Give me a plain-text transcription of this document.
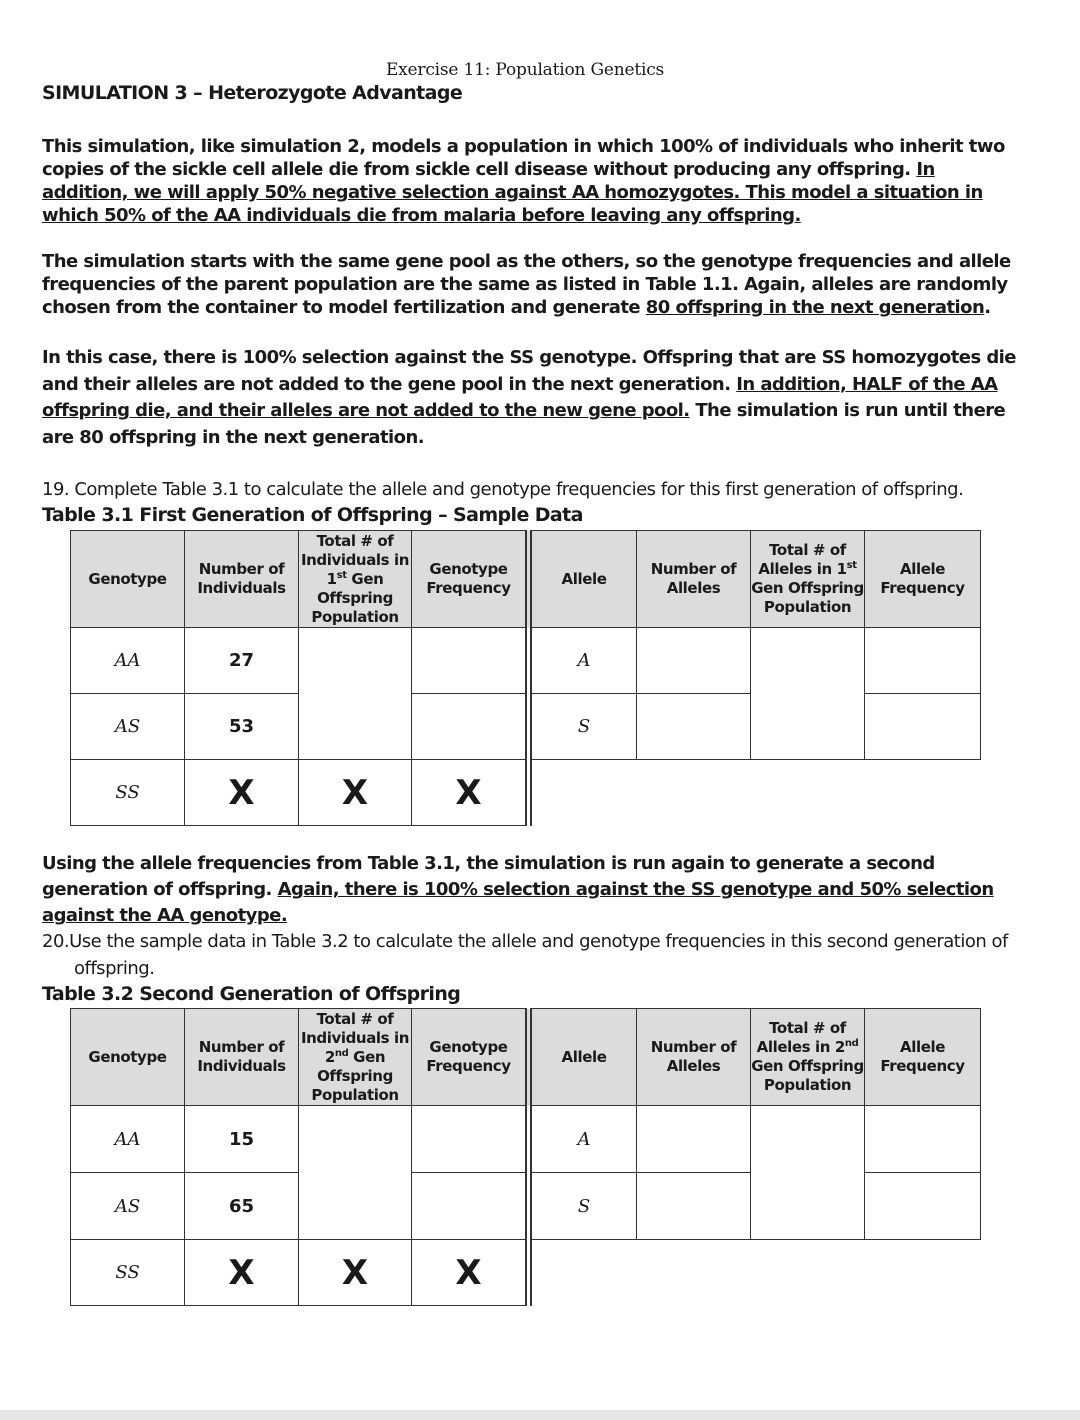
Exercise 11: Population Genetics
SIMULATION 3 – Heterozygote Advantage
This simulation, like simulation 2, models a population in which 100% of individuals who inherit two copies of the sickle cell allele die from sickle cell disease without producing any offspring. In addition, we will apply 50% negative selection against AA homozygotes. This model a situation in which 50% of the AA individuals die from malaria before leaving any offspring.
The simulation starts with the same gene pool as the others, so the genotype frequencies and allele frequencies of the parent population are the same as listed in Table 1.1. Again, alleles are randomly chosen from the container to model fertilization and generate 80 offspring in the next generation.
In this case, there is 100% selection against the SS genotype. Offspring that are SS homozygotes die and their alleles are not added to the gene pool in the next generation. In addition, HALF of the AA offspring die, and their alleles are not added to the new gene pool. The simulation is run until there are 80 offspring in the next generation.
19. Complete Table 3.1 to calculate the allele and genotype frequencies for this first generation of offspring.
Table 3.1 First Generation of Offspring – Sample Data
Genotype	Number of Individuals	Total # of Individuals in 1st Gen Offspring Population	Genotype Frequency	Allele	Number of Alleles	Total # of Alleles in 1st Gen Offspring Population	Allele Frequency
AA	27			A			
AS	53			S			
SS	X	X	X				
Using the allele frequencies from Table 3.1, the simulation is run again to generate a second generation of offspring. Again, there is 100% selection against the SS genotype and 50% selection against the AA genotype.
20.Use the sample data in Table 3.2 to calculate the allele and genotype frequencies in this second generation of
offspring.
Table 3.2 Second Generation of Offspring
Genotype	Number of Individuals	Total # of Individuals in 2nd Gen Offspring Population	Genotype Frequency	Allele	Number of Alleles	Total # of Alleles in 2nd Gen Offspring Population	Allele Frequency
AA	15			A			
AS	65			S			
SS	X	X	X				
